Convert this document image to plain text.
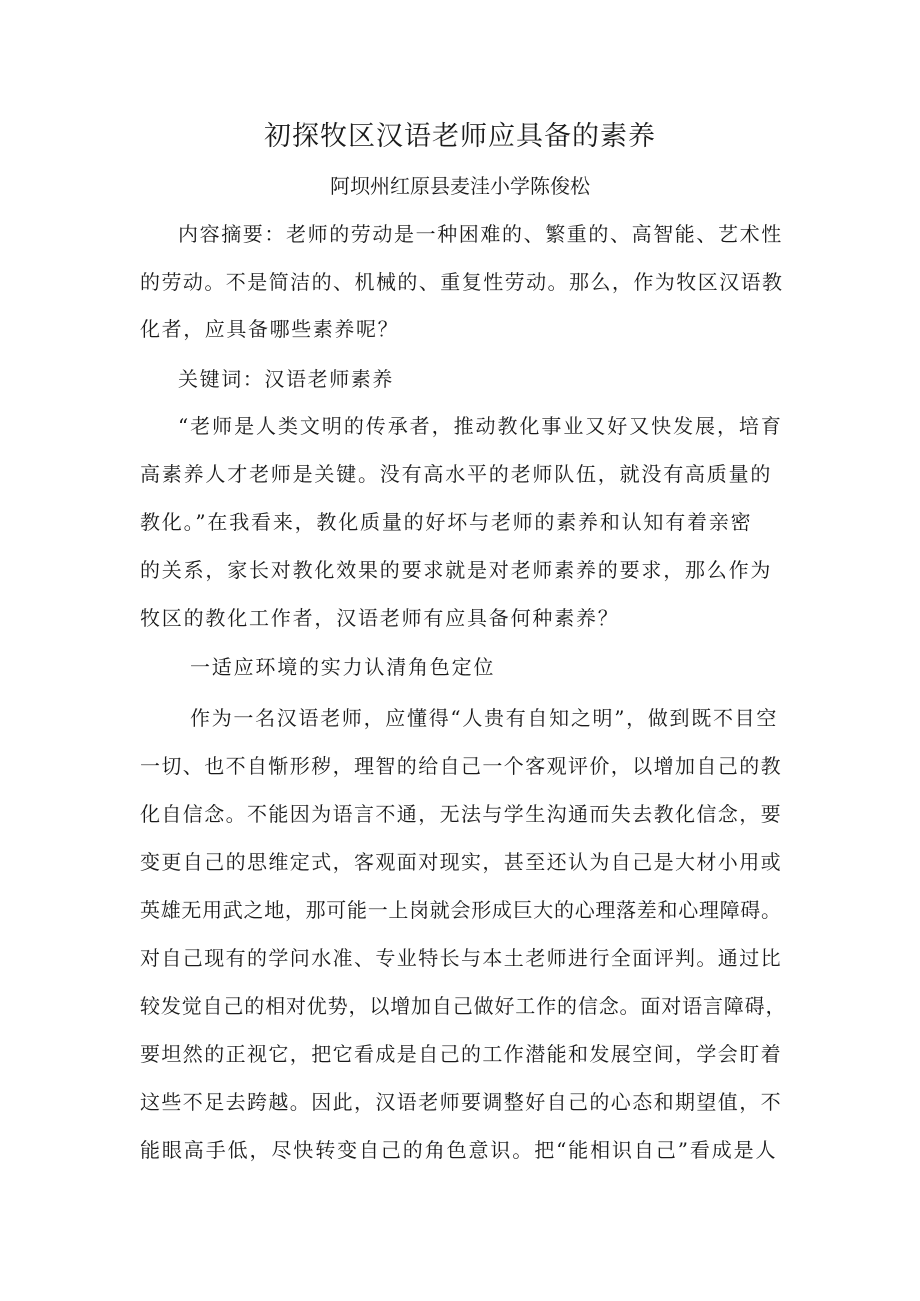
初探牧区汉语老师应具备的素养
阿坝州红原县麦洼小学陈俊松
内容摘要：老师的劳动是一种困难的、繁重的、高智能、艺术性
的劳动。不是简洁的、机械的、重复性劳动。那么，作为牧区汉语教
化者，应具备哪些素养呢？
关键词：汉语老师素养
“老师是人类文明的传承者，推动教化事业又好又快发展，培育
高素养人才老师是关键。没有高水平的老师队伍，就没有高质量的
教化。”在我看来，教化质量的好坏与老师的素养和认知有着亲密
的关系，家长对教化效果的要求就是对老师素养的要求，那么作为
牧区的教化工作者，汉语老师有应具备何种素养？
一适应环境的实力认清角色定位
作为一名汉语老师，应懂得“人贵有自知之明”，做到既不目空
一切、也不自惭形秽，理智的给自己一个客观评价，以增加自己的教
化自信念。不能因为语言不通，无法与学生沟通而失去教化信念，要
变更自己的思维定式，客观面对现实，甚至还认为自己是大材小用或
英雄无用武之地，那可能一上岗就会形成巨大的心理落差和心理障碍。
对自己现有的学问水准、专业特长与本土老师进行全面评判。通过比
较发觉自己的相对优势，以增加自己做好工作的信念。面对语言障碍，
要坦然的正视它，把它看成是自己的工作潜能和发展空间，学会盯着
这些不足去跨越。因此，汉语老师要调整好自己的心态和期望值，不
能眼高手低，尽快转变自己的角色意识。把“能相识自己”看成是人
